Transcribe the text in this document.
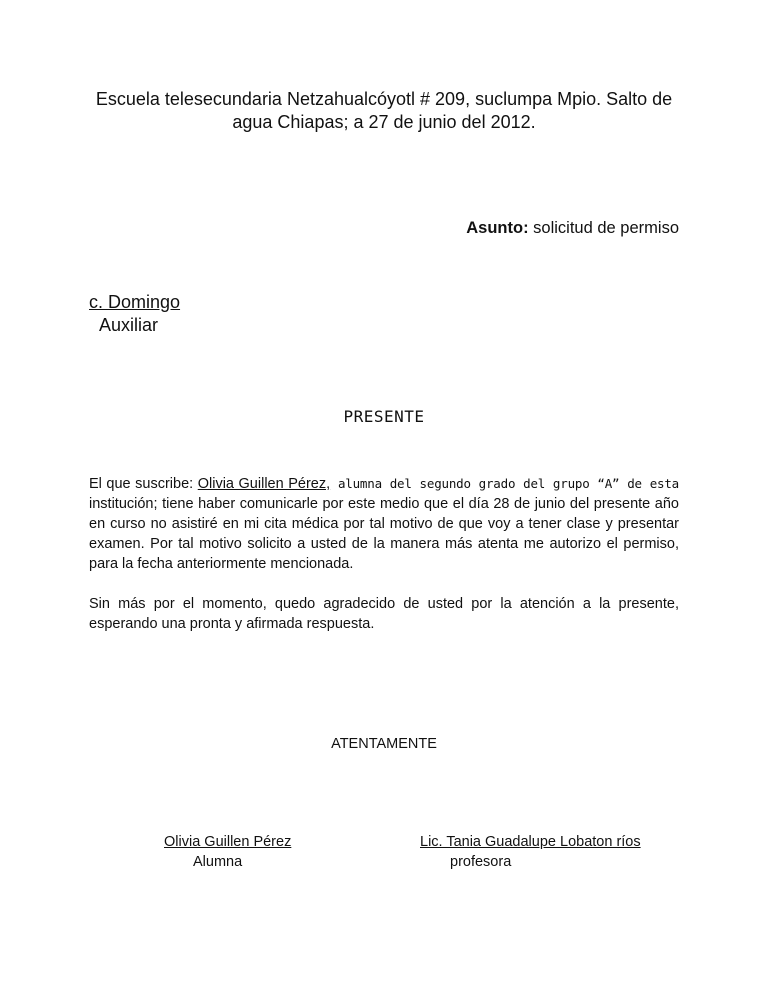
Escuela telesecundaria Netzahualcóyotl # 209, suclumpa Mpio. Salto de agua Chiapas; a 27 de junio del 2012.
Asunto: solicitud de permiso
c. Domingo
Auxiliar
PRESENTE
El que suscribe: Olivia Guillen Pérez, alumna del segundo grado del grupo “A” de esta institución; tiene haber comunicarle por este medio que el día 28 de junio del presente año en curso no asistiré en mi cita médica por tal motivo de que voy a tener clase y presentar examen. Por tal motivo solicito a usted de la manera más atenta me autorizo el permiso, para la fecha anteriormente mencionada.
Sin más por el momento, quedo agradecido de usted por la atención a la presente, esperando una pronta y afirmada respuesta.
ATENTAMENTE
Olivia Guillen Pérez
Alumna
Lic. Tania Guadalupe Lobaton ríos
profesora
